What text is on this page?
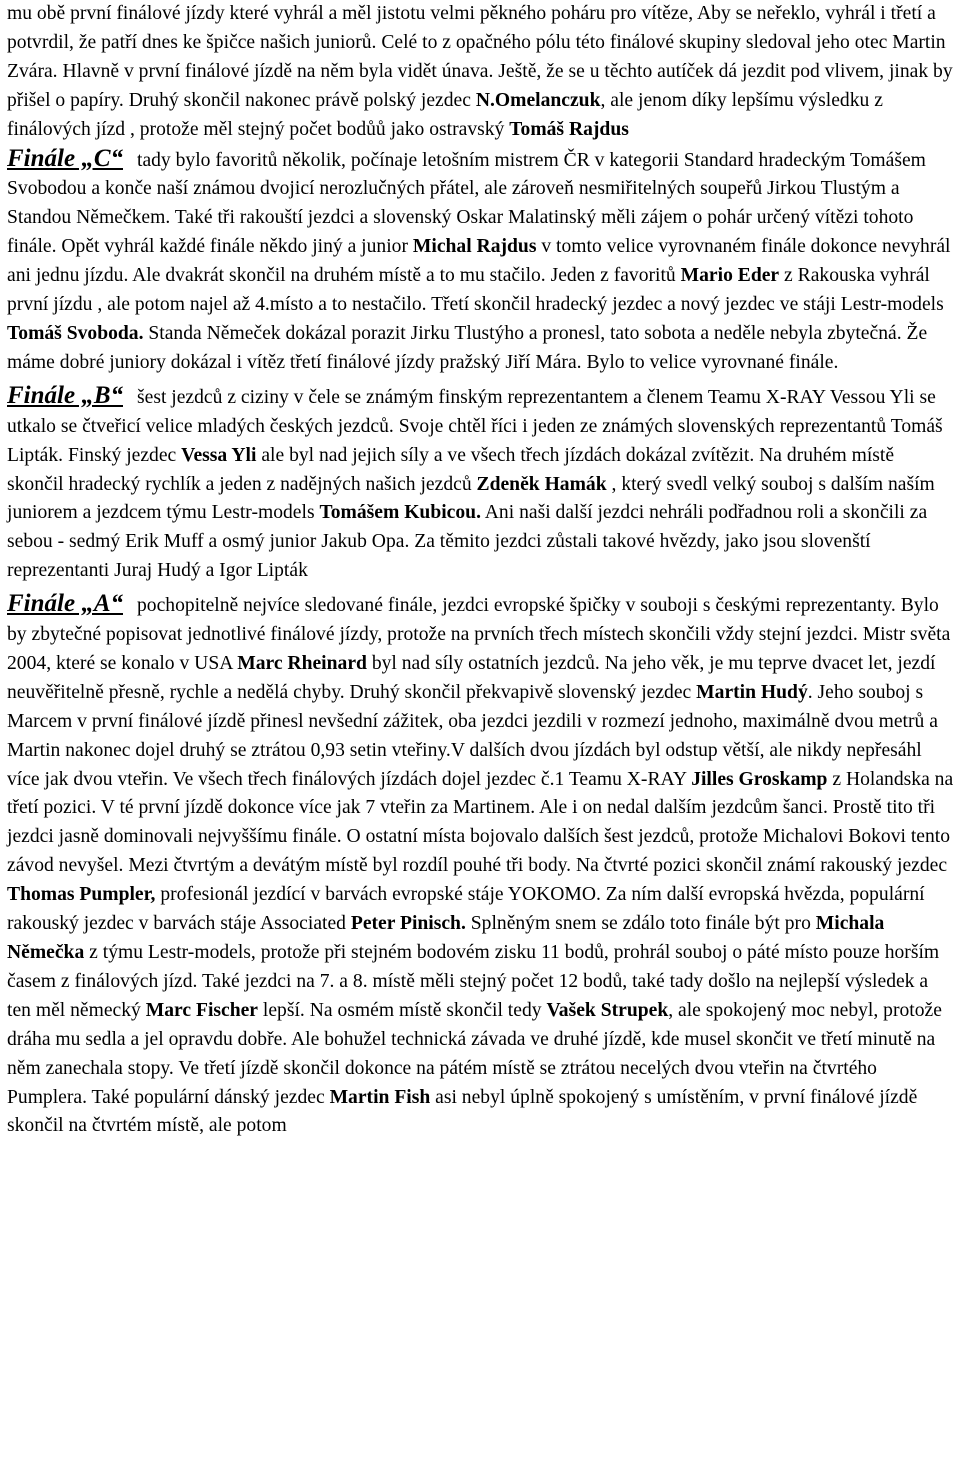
mu obě první finálové jízdy které vyhrál a měl jistotu velmi pěkného poháru pro vítěze, Aby se neřeklo, vyhrál i třetí a potvrdil, že patří dnes ke špičce našich juniorů. Celé to z opačného pólu této finálové skupiny sledoval jeho otec Martin Zvára. Hlavně v první finálové jízdě na něm byla vidět únava. Ještě, že se u těchto autíček dá jezdit pod vlivem, jinak by přišel o papíry. Druhý skončil nakonec právě polský jezdec N.Omelanczuk, ale jenom díky lepšímu výsledku z finálových jízd , protože měl stejný počet bodůů jako ostravský Tomáš Rajdus

Finále „C“ tady bylo favoritů několik, počínaje letošním mistrem ČR v kategorii Standard hradeckým Tomášem Svobodou a konče naší známou dvojicí nerozlučných přátel, ale zároveň nesmiřitelných soupeřů Jirkou Tlustým a Standou Němečkem. Také tři rakouští jezdci a slovenský Oskar Malatinský měli zájem o pohár určený vítězi tohoto finále. Opět vyhrál každé finále někdo jiný a junior Michal Rajdus v tomto velice vyrovnaném finále dokonce nevyhrál ani jednu jízdu. Ale dvakrát skončil na druhém místě a to mu stačilo. Jeden z favoritů Mario Eder z Rakouska vyhrál první jízdu , ale potom najel až 4.místo a to nestačilo. Třetí skončil hradecký jezdec a nový jezdec ve stáji Lestr-models Tomáš Svoboda. Standa Němeček dokázal porazit Jirku Tlustýho a pronesl, tato sobota a neděle nebyla zbytečná. Že máme dobré juniory dokázal i vítěz třetí finálové jízdy pražský Jiří Mára. Bylo to velice vyrovnané finále.

Finále „B“ šest jezdců z ciziny v čele se známým finským reprezentantem a členem Teamu X-RAY Vessou Yli se utkalo se čtveřicí velice mladých českých jezdců. Svoje chtěl říci i jeden ze známých slovenských reprezentantů Tomáš Lipták. Finský jezdec Vessa Yli ale byl nad jejich síly a ve všech třech jízdách dokázal zvítězit. Na druhém místě skončil hradecký rychlík a jeden z nadějných našich jezdců Zdeněk Hamák , který svedl velký souboj s dalším naším juniorem a jezdcem týmu Lestr-models Tomášem Kubicou. Ani naši další jezdci nehráli podřadnou roli a skončili za sebou - sedmý Erik Muff a osmý junior Jakub Opa. Za těmito jezdci zůstali takové hvězdy, jako jsou slovenští reprezentanti Juraj Hudý a Igor Lipták

Finále „A“ pochopitelně nejvíce sledované finále, jezdci evropské špičky v souboji s českými reprezentanty. Bylo by zbytečné popisovat jednotlivé finálové jízdy, protože na prvních třech místech skončili vždy stejní jezdci. Mistr světa 2004, které se konalo v USA Marc Rheinard byl nad síly ostatních jezdců. Na jeho věk, je mu teprve dvacet let, jezdí neuvěřitelně přesně, rychle a nedělá chyby. Druhý skončil překvapivě slovenský jezdec Martin Hudý. Jeho souboj s Marcem v první finálové jízdě přinesl nevšední zážitek, oba jezdci jezdili v rozmezí jednoho, maximálně dvou metrů a Martin nakonec dojel druhý se ztrátou 0,93 setin vteřiny.V dalších dvou jízdách byl odstup větší, ale nikdy nepřesáhl více jak dvou vteřin. Ve všech třech finálových jízdách dojel jezdec č.1 Teamu X-RAY Jilles Groskamp z Holandska na třetí pozici. V té první jízdě dokonce více jak 7 vteřin za Martinem. Ale i on nedal dalším jezdcům šanci. Prostě tito tři jezdci jasně dominovali nejvyššímu finále. O ostatní místa bojovalo dalších šest jezdců, protože Michalovi Bokovi tento závod nevyšel. Mezi čtvrtým a devátým místě byl rozdíl pouhé tři body. Na čtvrté pozici skončil známí rakouský jezdec Thomas Pumpler, profesionál jezdící v barvách evropské stáje YOKOMO. Za ním další evropská hvězda, populární rakouský jezdec v barvách stáje Associated Peter Pinisch. Splněným snem se zdálo toto finále být pro Michala Němečka z týmu Lestr-models, protože při stejném bodovém zisku 11 bodů, prohrál souboj o páté místo pouze horším časem z finálových jízd. Také jezdci na 7. a 8. místě měli stejný počet 12 bodů, také tady došlo na nejlepší výsledek a ten měl německý Marc Fischer lepší. Na osmém místě skončil tedy Vašek Strupek, ale spokojený moc nebyl, protože dráha mu sedla a jel opravdu dobře. Ale bohužel technická závada ve druhé jízdě, kde musel skončit ve třetí minutě na něm zanechala stopy. Ve třetí jízdě skončil dokonce na pátém místě se ztrátou necelých dvou vteřin na čtvrtého Pumplera. Také populární dánský jezdec Martin Fish asi nebyl úplně spokojený s umístěním, v první finálové jízdě skončil na čtvrtém místě, ale potom
